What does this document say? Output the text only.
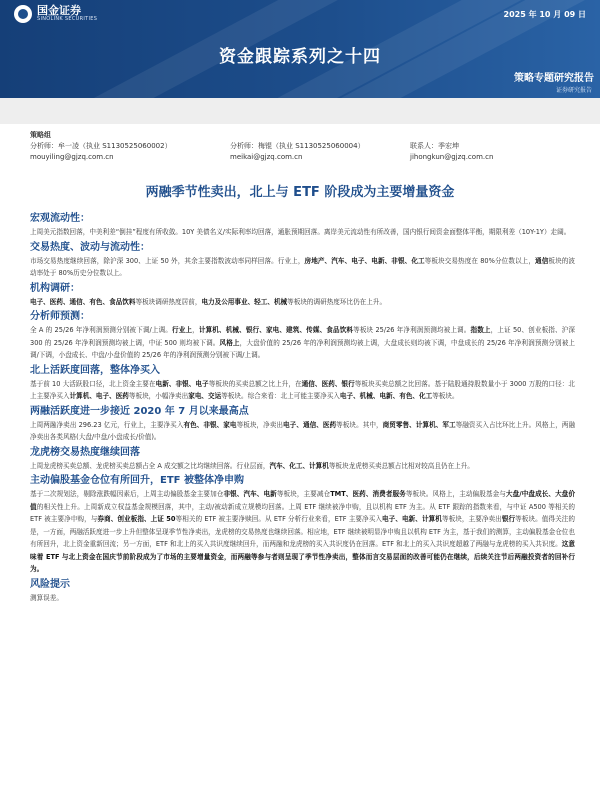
国金证券
SINOLINK SECURITIES	2025 年 10 月 09 日
资金跟踪系列之十四
策略专题研究报告
证券研究报告
策略组
分析师：牟一凌（执业 S1130525060002）
mouyiling@gjzq.com.cn
分析师：梅锟（执业 S1130525060004）
meikai@gjzq.com.cn
联系人：季宏坤
jihongkun@gjzq.com.cn
两融季节性卖出，北上与 ETF 阶段成为主要增量资金
宏观流动性：
上周美元指数回落，中美利差“倒挂”程度有所收敛。10Y 美债名义/实际利率均回落，通胀预期回落。离岸美元流动性有所改善，国内银行间资金面整体平衡，期限利差（10Y-1Y）走阔。
交易热度、波动与流动性：
市场交易热度继续回落，除沪深 300、上证 50 外，其余主要指数波动率同样回落。行业上，房地产、汽车、电子、电新、非银、化工等板块交易热度在 80%分位数以上，通信板块的波动率处于 80%历史分位数以上。
机构调研：
电子、医药、通信、有色、食品饮料等板块调研热度居前，电力及公用事业、轻工、机械等板块的调研热度环比仍在上升。
分析师预测：
全 A 的 25/26 年净利润预测分别被下调/上调。行业上，计算机、机械、银行、家电、建筑、传媒、食品饮料等板块 25/26 年净利润预测均被上调。指数上，上证 50、创业板指、沪深 300 的 25/26 年净利润预测均被上调，中证 500 则均被下调。风格上，大盘价值的 25/26 年的净利润预测均被上调，大盘成长则均被下调，中盘成长的 25/26 年净利润预测分别被上调/下调，小盘成长、中盘/小盘价值的 25/26 年的净利润预测分别被下调/上调。
北上活跃度回落，整体净买入
基于前 10 大活跃股口径，北上资金主要在电新、非银、电子等板块的买卖总额之比上升，在通信、医药、银行等板块买卖总额之比回落。基于陆股通持股数量小于 3000 万股的口径：北上主要净买入计算机、电子、医药等板块，小幅净卖出家电、交运等板块。综合来看：北上可能主要净买入电子、机械、电新、有色、化工等板块。
两融活跃度进一步接近 2020 年 7 月以来最高点
上周两融净卖出 296.23 亿元，行业上，主要净买入有色、非银、家电等板块，净卖出电子、通信、医药等板块。其中，商贸零售、计算机、军工等融资买入占比环比上升。风格上，两融净卖出各类风格(大盘/中盘/小盘成长/价值)。
龙虎榜交易热度继续回落
上周龙虎榜买卖总额、龙虎榜买卖总额占全 A 成交额之比均继续回落。行业层面，汽车、化工、计算机等板块龙虎榜买卖总额占比相对较高且仍在上升。
主动偏股基金仓位有所回升，ETF 被整体净申购
基于二次规划法，剔除涨跌幅因素后，上周主动偏股基金主要加仓非银、汽车、电新等板块，主要减仓TMT、医药、消费者服务等板块。风格上，主动偏股基金与大盘/中盘成长、大盘价值的相关性上升。上周新成立权益基金规模回落，其中，主动/被动新成立规模均回落。上周 ETF 继续被净申购，且以机构 ETF 为主。从 ETF 跟踪的指数来看，与中证 A500 等相关的 ETF 被主要净申购，与券商、创业板指、上证 50等相关的 ETF 被主要净赎回。从 ETF 分析行业来看，ETF 主要净买入电子、电新、计算机等板块，主要净卖出银行等板块。值得关注的是，一方面，两融活跃度进一步上升但整体呈现季节性净卖出，龙虎榜的交易热度也继续回落。相应地，ETF 继续被明显净申购且以机构 ETF 为主，基于我们的测算，主动偏股基金仓位也有所回升，北上资金重新回流；另一方面，ETF 和北上的买入共识度继续回升，而两融和龙虎榜的买入共识度仍在回落。ETF 和北上的买入共识度超越了两融与龙虎榜的买入共识度。这意味着 ETF 与北上资金在国庆节前阶段成为了市场的主要增量资金，而两融等参与者则呈现了季节性净卖出，整体而言交易层面的改善可能仍在继续，后续关注节后两融投资者的回补行为。
风险提示
测算误差。
